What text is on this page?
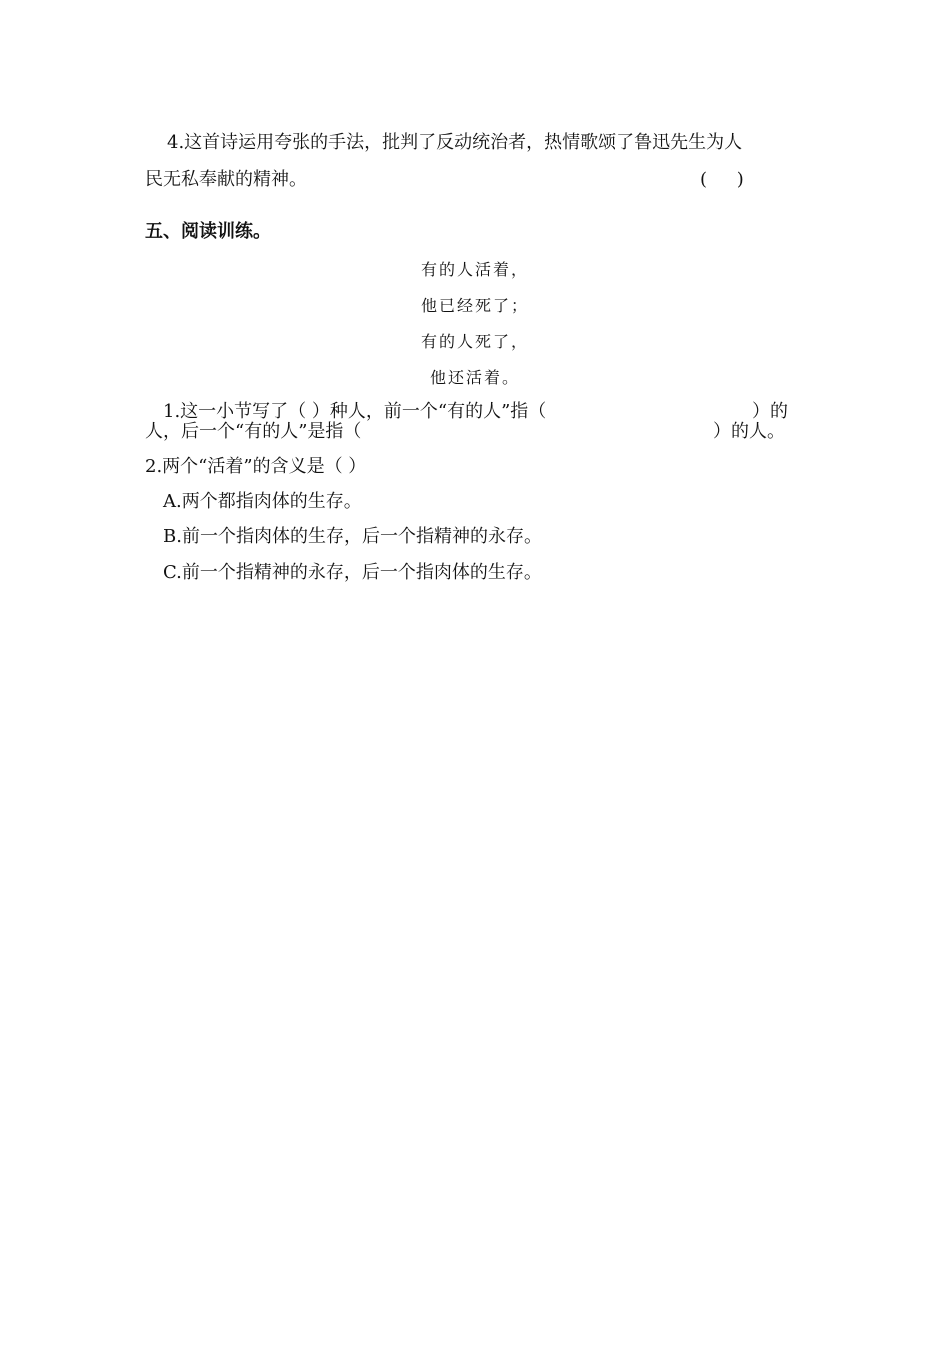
4.这首诗运用夸张的手法，批判了反动统治者，热情歌颂了鲁迅先生为人
民无私奉献的精神。	( )
五、阅读训练。
有的人活着，
他已经死了；
有的人死了，
他还活着。
1.这一小节写了（ ）种人，前一个“有的人”指（	）的
人，后一个“有的人”是指（	）的人。
2.两个“活着”的含义是（ ）
A.两个都指肉体的生存。
B.前一个指肉体的生存，后一个指精神的永存。
C.前一个指精神的永存，后一个指肉体的生存。
